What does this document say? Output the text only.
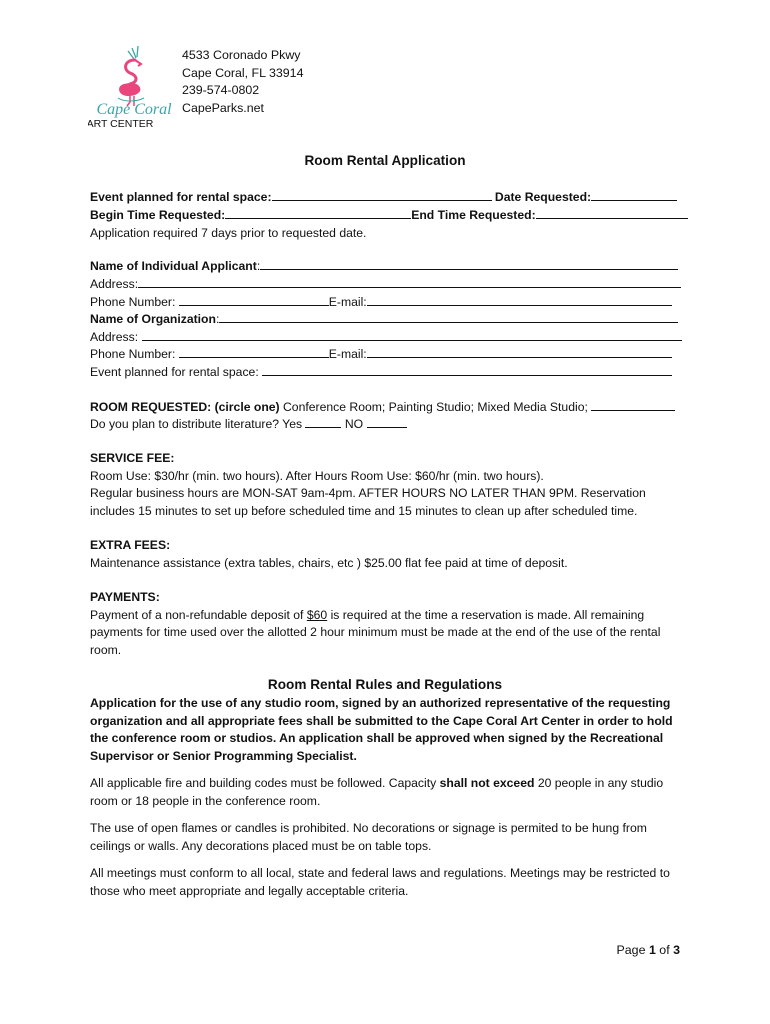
Cape Coral
ART CENTER
4533 Coronado Pkwy
Cape Coral, FL 33914
239-574-0802
CapeParks.net
Room Rental Application
Event planned for rental space:	Date Requested:
Begin Time Requested:	End Time Requested:
Application required 7 days prior to requested date.
Name of Individual Applicant:
Address:
Phone Number:	E-mail:
Name of Organization:
Address:
Phone Number:	E-mail:
Event planned for rental space:
ROOM REQUESTED: (circle one) Conference Room; Painting Studio; Mixed Media Studio;
Do you plan to distribute literature? Yes	NO
SERVICE FEE:
Room Use: $30/hr (min. two hours). After Hours Room Use: $60/hr (min. two hours).
Regular business hours are MON-SAT 9am-4pm. AFTER HOURS NO LATER THAN 9PM. Reservation includes 15 minutes to set up before scheduled time and 15 minutes to clean up after scheduled time.
EXTRA FEES:
Maintenance assistance (extra tables, chairs, etc ) $25.00 flat fee paid at time of deposit.
PAYMENTS:
Payment of a non-refundable deposit of $60 is required at the time a reservation is made. All remaining payments for time used over the allotted 2 hour minimum must be made at the end of the use of the rental room.
Room Rental Rules and Regulations
Application for the use of any studio room, signed by an authorized representative of the requesting organization and all appropriate fees shall be submitted to the Cape Coral Art Center in order to hold the conference room or studios. An application shall be approved when signed by the Recreational Supervisor or Senior Programming Specialist.
All applicable fire and building codes must be followed. Capacity shall not exceed 20 people in any studio room or 18 people in the conference room.
The use of open flames or candles is prohibited. No decorations or signage is permited to be hung from ceilings or walls. Any decorations placed must be on table tops.
All meetings must conform to all local, state and federal laws and regulations. Meetings may be restricted to those who meet appropriate and legally acceptable criteria.
Page 1 of 3
